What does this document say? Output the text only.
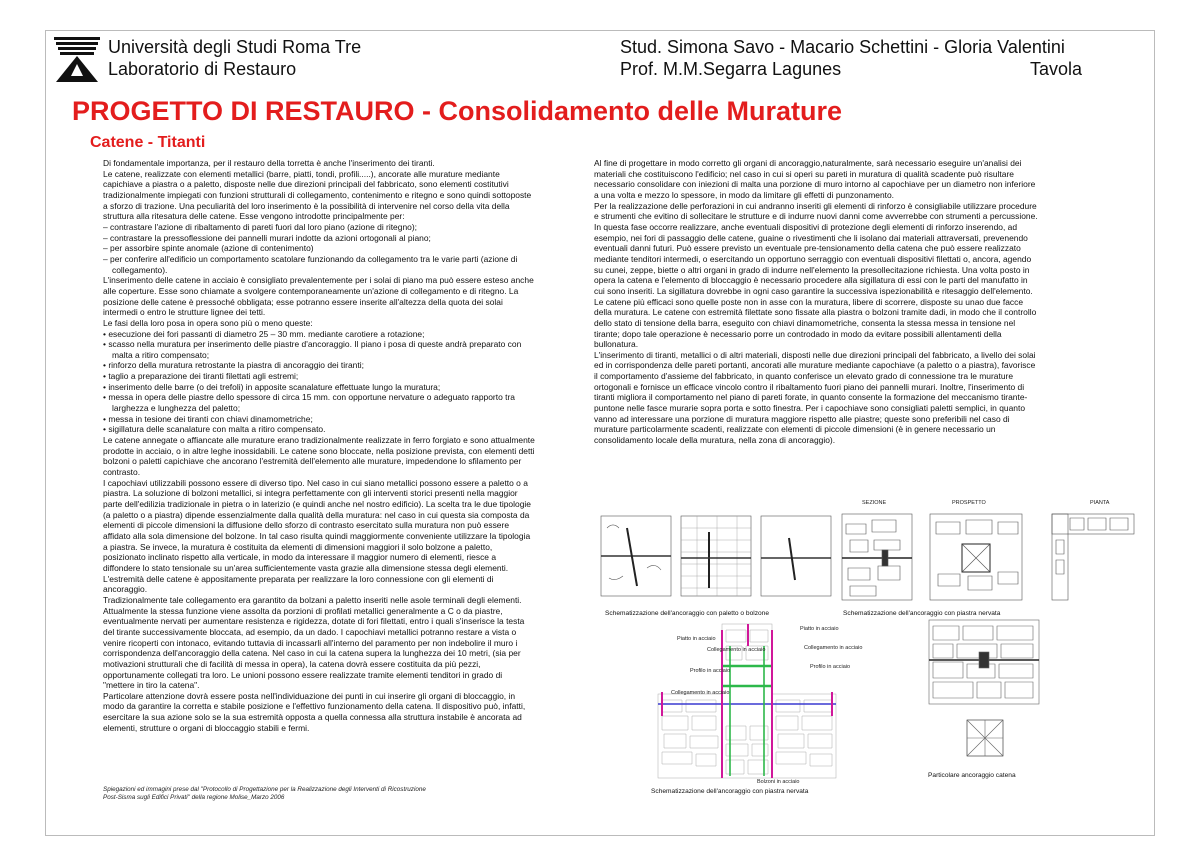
Università degli Studi Roma Tre
Laboratorio di Restauro
Stud. Simona Savo - Macario Schettini - Gloria Valentini
Prof. M.M.Segarra Lagunes	Tavola
PROGETTO DI RESTAURO - Consolidamento delle Murature
Catene - Titanti

Di fondamentale importanza, per il restauro della torretta è anche l'inserimento dei tiranti.

Le catene, realizzate con elementi metallici (barre, piatti, tondi, profili.....), ancorate alle murature mediante capichiave a piastra o a paletto, disposte nelle due direzioni principali del fabbricato, sono elementi costitutivi tradizionalmente impiegati con funzioni strutturali di collegamento, contenimento e ritegno e sono quindi sottoposte a sforzo di trazione. Una peculiarità del loro inserimento è la possibilità di intervenire nel corso della vita della struttura alla ritesatura delle catene. Esse vengono introdotte principalmente per:

– contrastare l'azione di ribaltamento di pareti fuori dal loro piano (azione di ritegno);
– contrastare la pressoflessione dei pannelli murari indotte da azioni ortogonali al piano;
– per assorbire spinte anomale (azione di contenimento)
– per conferire all'edificio un comportamento scatolare funzionando da collegamento tra le varie parti (azione di collegamento).

L'inserimento delle catene in acciaio è consigliato prevalentemente per i solai di piano ma può essere esteso anche alle coperture. Esse sono chiamate a svolgere contemporaneamente un'azione di collegamento e di ritegno. La posizione delle catene è pressoché obbligata; esse potranno essere inserite all'altezza della quota dei solai intermedi o entro le strutture lignee dei tetti.

Le fasi della loro posa in opera sono più o meno queste:

• esecuzione dei fori passanti di diametro 25 – 30 mm. mediante carotiere a rotazione;
• scasso nella muratura per inserimento delle piastre d'ancoraggio. Il piano i posa di queste andrà preparato con malta a ritiro compensato;
• rinforzo della muratura retrostante la piastra di ancoraggio dei tiranti;
• taglio a preparazione dei tiranti filettati agli estremi;
• inserimento delle barre (o dei trefoli) in apposite scanalature effettuate lungo la muratura;
• messa in opera delle piastre dello spessore di circa 15 mm. con opportune nervature o adeguato rapporto tra larghezza e lunghezza del paletto;
• messa in tesione dei tiranti con chiavi dinamometriche;
• sigillatura delle scanalature con malta a ritiro compensato.

Le catene annegate o affiancate alle murature erano tradizionalmente realizzate in ferro forgiato e sono attualmente prodotte in acciaio, o in altre leghe inossidabili. Le catene sono bloccate, nella posizione prevista, con elementi detti bolzoni o paletti capichiave che ancorano l'estremità dell'elemento alle murature, impedendone lo sfilamento per contrasto.

I capochiavi utilizzabili possono essere di diverso tipo. Nel caso in cui siano metallici possono essere a paletto o a piastra. La soluzione di bolzoni metallici, si integra perfettamente con gli interventi storici presenti nella maggior parte dell'edilizia tradizionale in pietra o in laterizio (e quindi anche nel nostro edificio). La scelta tra le due tipologie (a paletto o a piastra) dipende essenzialmente dalla qualità della muratura: nel caso in cui questa sia composta da elementi di piccole dimensioni la diffusione dello sforzo di contrasto esercitato sulla muratura non può essere affidato alla sola dimensione del bolzone. In tal caso risulta quindi maggiormente conveniente utilizzare la tipologia a piastra. Se invece, la muratura è costituita da elementi di dimensioni maggiori il solo bolzone a paletto, posizionato inclinato rispetto alla verticale, in modo da interessare il maggior numero di elementi, riesce a diffondere lo stato tensionale su un'area sufficientemente vasta grazie alla dimensione stessa degli elementi. L'estremità delle catene è appositamente preparata per realizzare la loro connessione con gli elementi di ancoraggio.

Tradizionalmente tale collegamento era garantito da bolzani a paletto inseriti nelle asole terminali degli elementi. Attualmente la stessa funzione viene assolta da porzioni di profilati metallici generalmente a C o da piastre, eventualmente nervati per aumentare resistenza e rigidezza, dotate di fori filettati, entro i quali s'inserisce la testa del tirante successivamente bloccata, ad esempio, da un dado. I capochiavi metallici potranno restare a vista o venire ricoperti con intonaco, evitando tuttavia di incassarli all'interno del paramento per non indebolire il muro i corrispondenza dell'ancoraggio della catena. Nel caso in cui la catena supera la lunghezza dei 10 metri, (sia per motivazioni strutturali che di facilità di messa in opera), la catena dovrà essere costituita da più pezzi, opportunamente collegati tra loro. Le unioni possono essere realizzate tramite elementi tenditori in grado di "mettere in tiro la catena".

Particolare attenzione dovrà essere posta nell'individuazione dei punti in cui inserire gli organi di bloccaggio, in modo da garantire la corretta e stabile posizione e l'effettivo funzionamento della catena. Il dispositivo può, infatti, esercitare la sua azione solo se la sua estremità opposta a quella connessa alla struttura instabile è ancorata ad elementi, strutture o organi di bloccaggio stabili e fermi.

Spiegazioni ed immagini prese dal "Protocollo di Progettazione per la Realizzazione degli Interventi di Ricostruzione Post-Sisma sugli Edifici Privati" della regione Molise_Marzo 2006

Al fine di progettare in modo corretto gli organi di ancoraggio,naturalmente, sarà necessario eseguire un'analisi dei materiali che costituiscono l'edificio; nel caso in cui si operi su pareti in muratura di qualità scadente può risultare necessario consolidare con iniezioni di malta una porzione di muro intorno al capochiave per un diametro non inferiore a una volta e mezzo lo spessore, in modo da limitare gli effetti di punzonamento.

Per la realizzazione delle perforazioni in cui andranno inseriti gli elementi di rinforzo è consigliabile utilizzare procedure e strumenti che evitino di sollecitare le strutture e di indurre nuovi danni come avverrebbe con strumenti a percussione. In questa fase occorre realizzare, anche eventuali dispositivi di protezione degli elementi di rinforzo inserendo, ad esempio, nei fori di passaggio delle catene, guaine o rivestimenti che li isolano dai materiali attraversati, prevenendo eventuali danni futuri. Può essere previsto un eventuale pre-tensionamento della catena che può essere realizzato mediante tenditori intermedi, o esercitando un opportuno serraggio con eventuali dispositivi filettati o, ancora, agendo su cunei, zeppe, biette o altri organi in grado di indurre nell'elemento la presollecitazione richiesta. Una volta posto in opera la catena e l'elemento di bloccaggio è necessario procedere alla sigillatura di essi con le parti del manufatto in cui sono inseriti. La sigillatura dovrebbe in ogni caso garantire la successiva ispezionabilità e ritesaggio dell'elemento.

Le catene più efficaci sono quelle poste non in asse con la muratura, libere di scorrere, disposte su unao due facce della muratura. Le catene con estremità filettate sono fissate alla piastra o bolzoni tramite dadi, in modo che il controllo dello stato di tensione della barra, eseguito con chiavi dinamometriche, consenta la stessa messa in tensione nel tirante; dopo tale operazione è necessario porre un controdado in modo da evitare possibili allentamenti della bullonatura.

L'inserimento di tiranti, metallici o di altri materiali, disposti nelle due direzioni principali del fabbricato, a livello dei solai ed in corrispondenza delle pareti portanti, ancorati alle murature mediante capochiave (a paletto o a piastra), favorisce il comportamento d'assieme del fabbricato, in quanto conferisce un elevato grado di connessione tra le murature ortogonali e fornisce un efficace vincolo contro il ribaltamento fuori piano dei pannelli murari. Inoltre, l'inserimento di tiranti migliora il comportamento nel piano di pareti forate, in quanto consente la formazione del meccanismo tirante-puntone nelle fasce murarie sopra porta e sotto finestra. Per i capochiave sono consigliati paletti semplici, in quanto vanno ad interessare una porzione di muratura maggiore rispetto alle piastre; queste sono preferibili nel caso di murature particolarmente scadenti, realizzate con elementi di piccole dimensioni (è in genere necessario un consolidamento locale della muratura, nella zona di ancoraggio).

Schematizzazione dell'ancoraggio con paletto o bolzone
SEZIONE	PROSPETTO	PIANTA
Schematizzazione dell'ancoraggio con piastra nervata
Piatto in acciaio
Collegamento in acciaio
Profilo in acciaio
Profilo in acciaio
Piatto in acciaio
Collegamento in acciaio
Collegamento in acciaio
Bolzoni in acciaio
Schematizzazione dell'ancoraggio con piastra nervata
Particolare ancoraggio catena
